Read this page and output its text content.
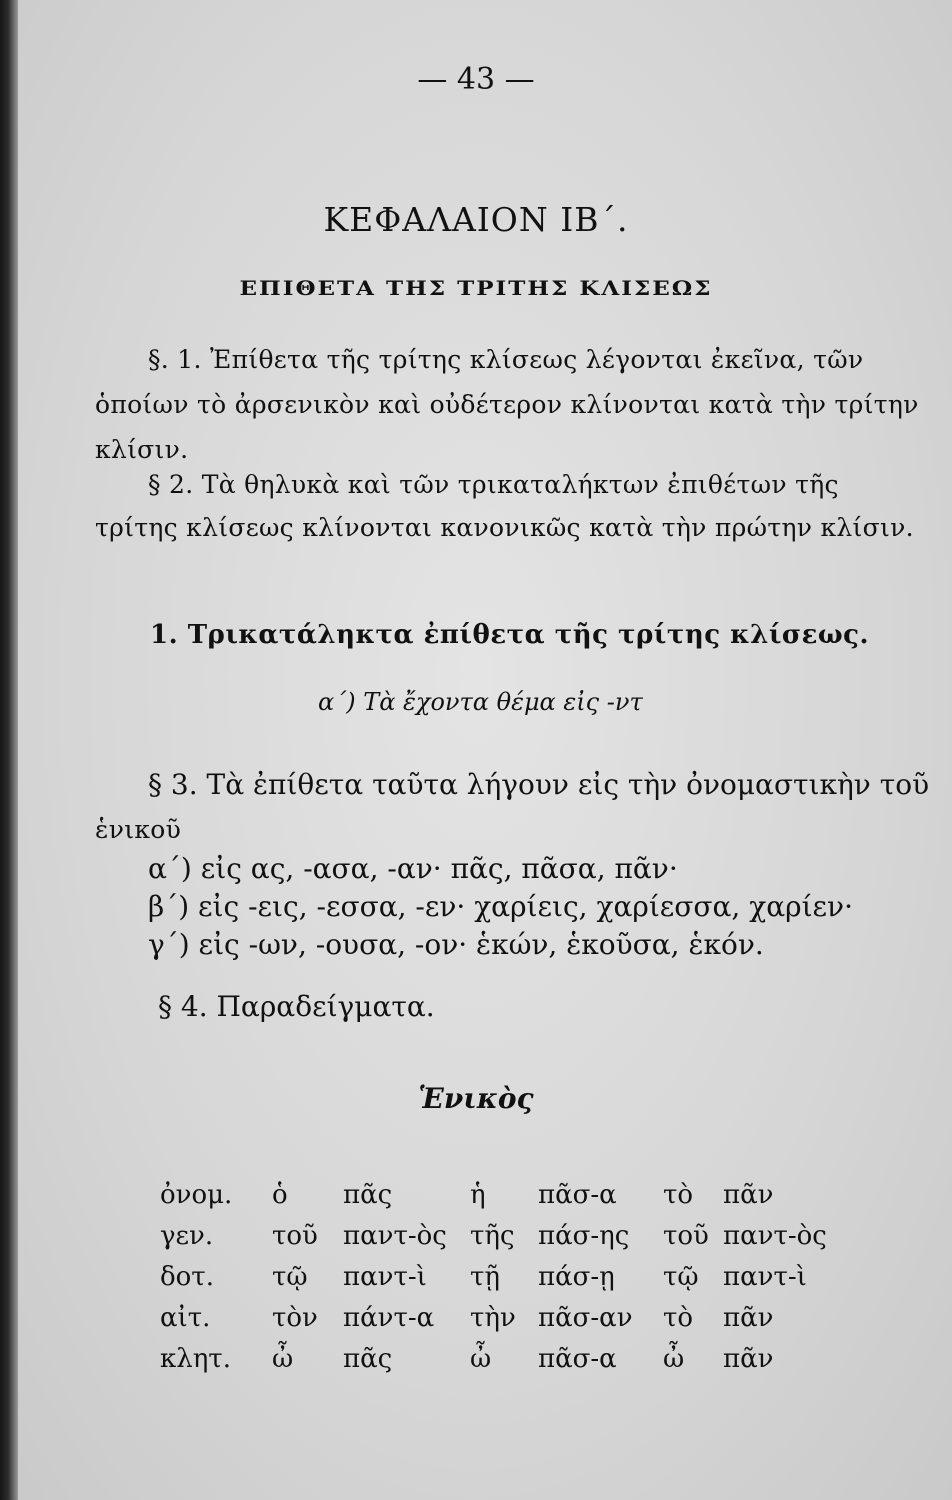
— 43 —
ΚΕΦΑΛΑΙΟΝ ΙΒ΄.
ΕΠΙΘΕΤΑ ΤΗΣ ΤΡΙΤΗΣ ΚΛΙΣΕΩΣ
§. 1. Ἐπίθετα τῆς τρίτης κλίσεως λέγονται ἐκεῖνα, τῶν
ὁποίων τὸ ἀρσενικὸν καὶ οὐδέτερον κλίνονται κατὰ τὴν τρίτην
κλίσιν.
§ 2. Τὰ θηλυκὰ καὶ τῶν τρικαταλήκτων ἐπιθέτων τῆς
τρίτης κλίσεως κλίνονται κανονικῶς κατὰ τὴν πρώτην κλίσιν.
1. Τρικατάληκτα ἐπίθετα τῆς τρίτης κλίσεως.
α΄) Τὰ ἔχοντα θέμα εἰς -ντ
§ 3. Τὰ ἐπίθετα ταῦτα λήγουν εἰς τὴν ὀνομαστικὴν τοῦ
ἑνικοῦ
α΄) εἰς ας, -ασα, -αν· πᾶς, πᾶσα, πᾶν·
β΄) εἰς -εις, -εσσα, -εν· χαρίεις, χαρίεσσα, χαρίεν·
γ΄) εἰς -ων, -ουσα, -ον· ἑκών, ἑκοῦσα, ἑκόν.
§ 4. Παραδείγματα.
Ἑνικὸς
ὀνομ. ὁ πᾶς	ἡ πᾶσ-α τὸ πᾶν
γεν. τοῦ παντ-ὸς τῆς πάσ-ης τοῦ παντ-ὸς
δοτ. τῷ παντ-ὶ τῇ πάσ-ῃ τῷ παντ-ὶ
αἰτ. τὸν πάντ-α τὴν πᾶσ-αν τὸ πᾶν
κλητ. ὦ πᾶς	ὦ πᾶσ-α ὦ πᾶν
